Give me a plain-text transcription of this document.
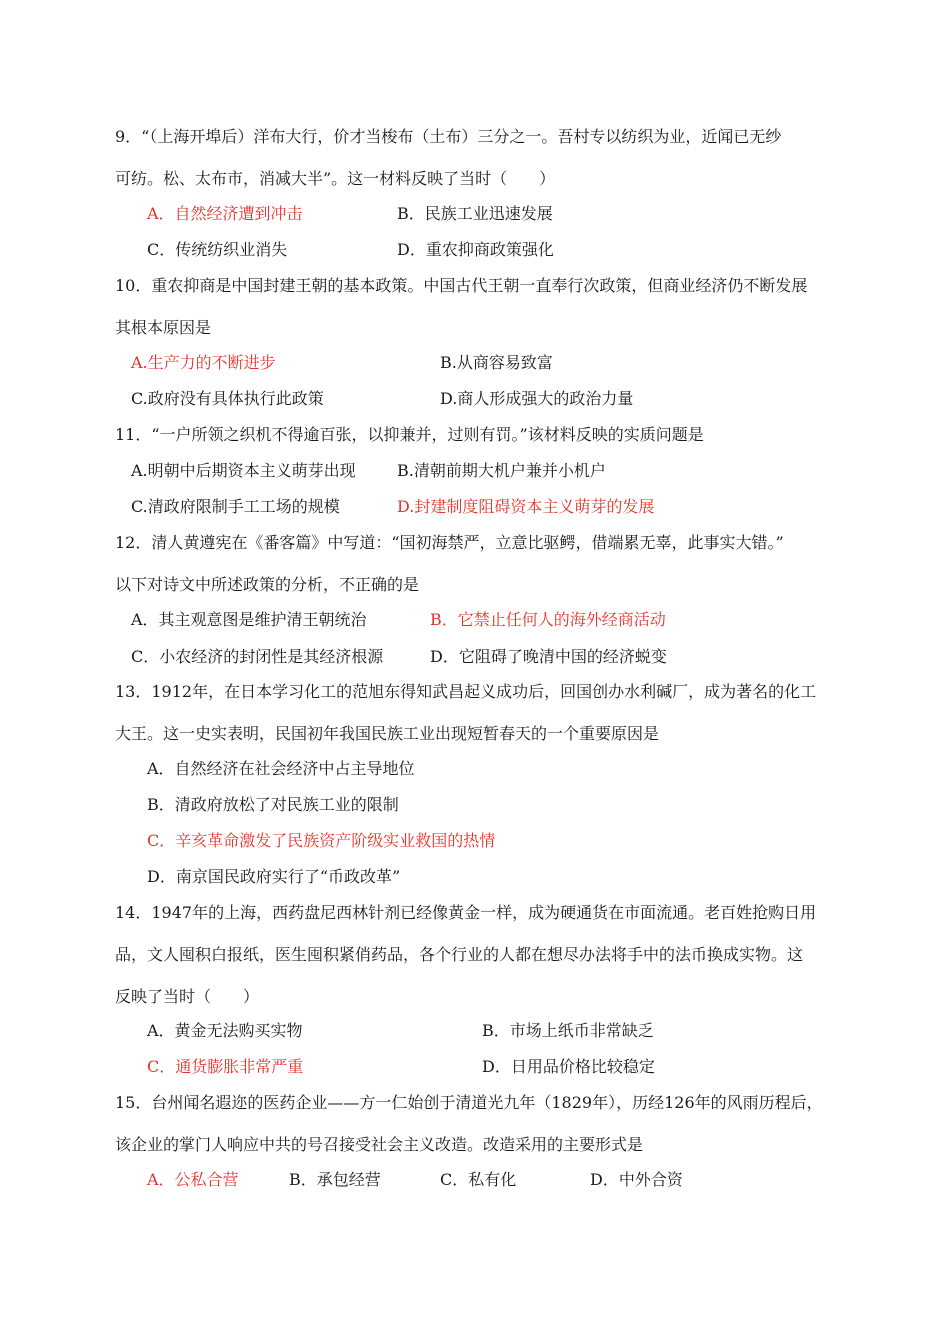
9．“（上海开埠后）洋布大行，价才当梭布（土布）三分之一。吾村专以纺织为业，近闻已无纱
可纺。松、太布市，消减大半”。这一材料反映了当时（　　）
A．自然经济遭到冲击	B．民族工业迅速发展
C．传统纺织业消失	D．重农抑商政策强化
10．重农抑商是中国封建王朝的基本政策。中国古代王朝一直奉行次政策，但商业经济仍不断发展
其根本原因是
A.生产力的不断进步	B.从商容易致富
C.政府没有具体执行此政策	D.商人形成强大的政治力量
11．“一户所领之织机不得逾百张，以抑兼并，过则有罚。”该材料反映的实质问题是
A.明朝中后期资本主义萌芽出现	B.清朝前期大机户兼并小机户
C.清政府限制手工工场的规模	D.封建制度阻碍资本主义萌芽的发展
12．清人黄遵宪在《番客篇》中写道：“国初海禁严，立意比驱鳄，借端累无辜，此事实大错。”
以下对诗文中所述政策的分析，不正确的是
A．其主观意图是维护清王朝统治	B．它禁止任何人的海外经商活动
C．小农经济的封闭性是其经济根源	D．它阻碍了晚清中国的经济蜕变
13．1912年，在日本学习化工的范旭东得知武昌起义成功后，回国创办水利碱厂，成为著名的化工
大王。这一史实表明，民国初年我国民族工业出现短暂春天的一个重要原因是
A．自然经济在社会经济中占主导地位
B．清政府放松了对民族工业的限制
C．辛亥革命激发了民族资产阶级实业救国的热情
D．南京国民政府实行了“币政改革”
14．1947年的上海，西药盘尼西林针剂已经像黄金一样，成为硬通货在市面流通。老百姓抢购日用
品，文人囤积白报纸，医生囤积紧俏药品，各个行业的人都在想尽办法将手中的法币换成实物。这
反映了当时（　　）
A．黄金无法购买实物	B．市场上纸币非常缺乏
C．通货膨胀非常严重	D．日用品价格比较稳定
15．台州闻名遐迩的医药企业——方一仁始创于清道光九年（1829年），历经126年的风雨历程后，
该企业的掌门人响应中共的号召接受社会主义改造。改造采用的主要形式是
A．公私合营	B．承包经营	C．私有化	D．中外合资
